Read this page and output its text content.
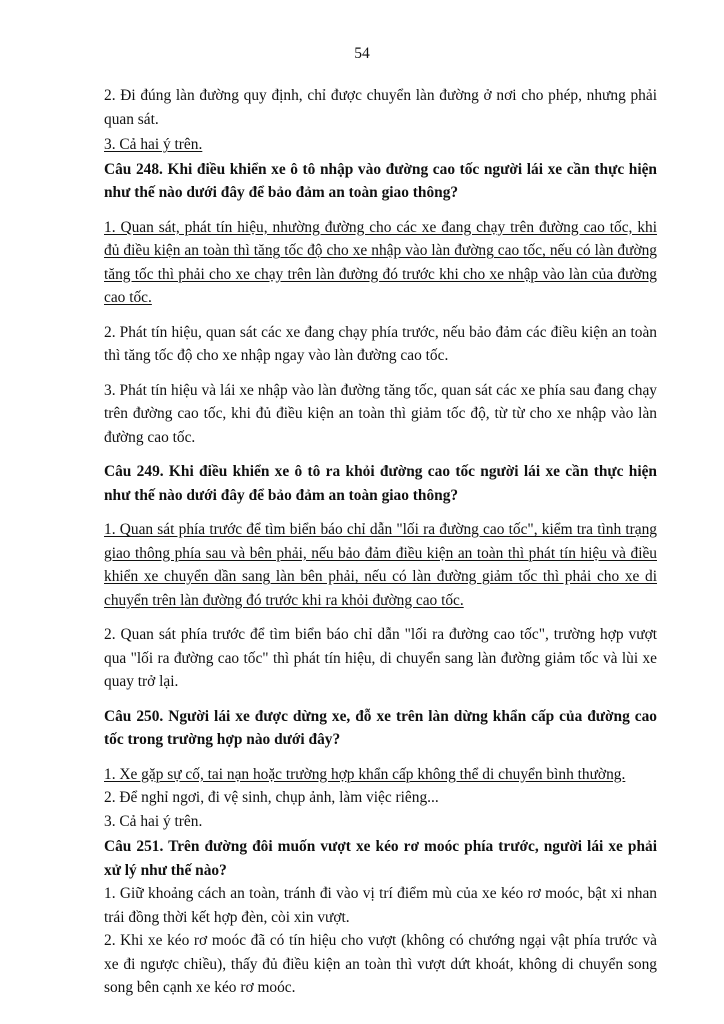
54

2. Đi đúng làn đường quy định, chỉ được chuyển làn đường ở nơi cho phép, nhưng phải quan sát.

3. Cả hai ý trên.

Câu 248. Khi điều khiển xe ô tô nhập vào đường cao tốc người lái xe cần thực hiện như thế nào dưới đây để bảo đảm an toàn giao thông?

1. Quan sát, phát tín hiệu, nhường đường cho các xe đang chạy trên đường cao tốc, khi đủ điều kiện an toàn thì tăng tốc độ cho xe nhập vào làn đường cao tốc, nếu có làn đường tăng tốc thì phải cho xe chạy trên làn đường đó trước khi cho xe nhập vào làn của đường cao tốc.

2. Phát tín hiệu, quan sát các xe đang chạy phía trước, nếu bảo đảm các điều kiện an toàn thì tăng tốc độ cho xe nhập ngay vào làn đường cao tốc.

3. Phát tín hiệu và lái xe nhập vào làn đường tăng tốc, quan sát các xe phía sau đang chạy trên đường cao tốc, khi đủ điều kiện an toàn thì giảm tốc độ, từ từ cho xe nhập vào làn đường cao tốc.

Câu 249. Khi điều khiển xe ô tô ra khỏi đường cao tốc người lái xe cần thực hiện như thế nào dưới đây để bảo đảm an toàn giao thông?

1. Quan sát phía trước để tìm biển báo chỉ dẫn "lối ra đường cao tốc", kiểm tra tình trạng giao thông phía sau và bên phải, nếu bảo đảm điều kiện an toàn thì phát tín hiệu và điều khiển xe chuyển dần sang làn bên phải, nếu có làn đường giảm tốc thì phải cho xe di chuyển trên làn đường đó trước khi ra khỏi đường cao tốc.

2. Quan sát phía trước để tìm biển báo chỉ dẫn "lối ra đường cao tốc", trường hợp vượt qua "lối ra đường cao tốc" thì phát tín hiệu, di chuyển sang làn đường giảm tốc và lùi xe quay trở lại.

Câu 250. Người lái xe được dừng xe, đỗ xe trên làn dừng khẩn cấp của đường cao tốc trong trường hợp nào dưới đây?

1. Xe gặp sự cố, tai nạn hoặc trường hợp khẩn cấp không thể di chuyển bình thường.

2. Để nghỉ ngơi, đi vệ sinh, chụp ảnh, làm việc riêng...

3. Cả hai ý trên.

Câu 251. Trên đường đôi muốn vượt xe kéo rơ moóc phía trước, người lái xe phải xử lý như thế nào?

1. Giữ khoảng cách an toàn, tránh đi vào vị trí điểm mù của xe kéo rơ moóc, bật xi nhan trái đồng thời kết hợp đèn, còi xin vượt.

2. Khi xe kéo rơ moóc đã có tín hiệu cho vượt (không có chướng ngại vật phía trước và xe đi ngược chiều), thấy đủ điều kiện an toàn thì vượt dứt khoát, không di chuyển song song bên cạnh xe kéo rơ moóc.
